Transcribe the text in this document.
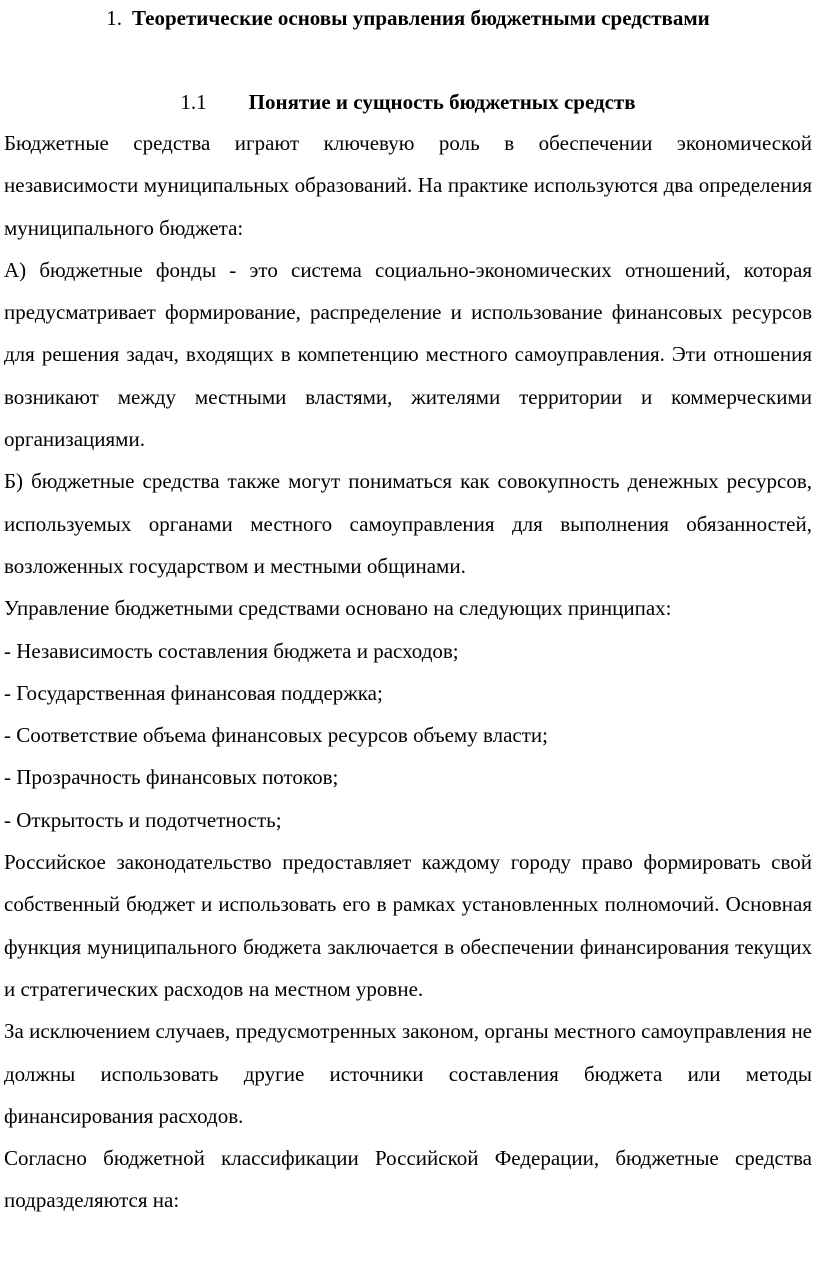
1. Теоретические основы управления бюджетными средствами
1.1 Понятие и сущность бюджетных средств

Бюджетные средства играют ключевую роль в обеспечении экономической независимости муниципальных образований. На практике используются два определения муниципального бюджета:

А) бюджетные фонды - это система социально-экономических отношений, которая предусматривает формирование, распределение и использование финансовых ресурсов для решения задач, входящих в компетенцию местного самоуправления. Эти отношения возникают между местными властями, жителями территории и коммерческими организациями.

Б) бюджетные средства также могут пониматься как совокупность денежных ресурсов, используемых органами местного самоуправления для выполнения обязанностей, возложенных государством и местными общинами.

Управление бюджетными средствами основано на следующих принципах:

- Независимость составления бюджета и расходов;

- Государственная финансовая поддержка;

- Соответствие объема финансовых ресурсов объему власти;

- Прозрачность финансовых потоков;

- Открытость и подотчетность;

Российское законодательство предоставляет каждому городу право формировать свой собственный бюджет и использовать его в рамках установленных полномочий. Основная функция муниципального бюджета заключается в обеспечении финансирования текущих и стратегических расходов на местном уровне.

За исключением случаев, предусмотренных законом, органы местного самоуправления не должны использовать другие источники составления бюджета или методы финансирования расходов.

Согласно бюджетной классификации Российской Федерации, бюджетные средства подразделяются на:
